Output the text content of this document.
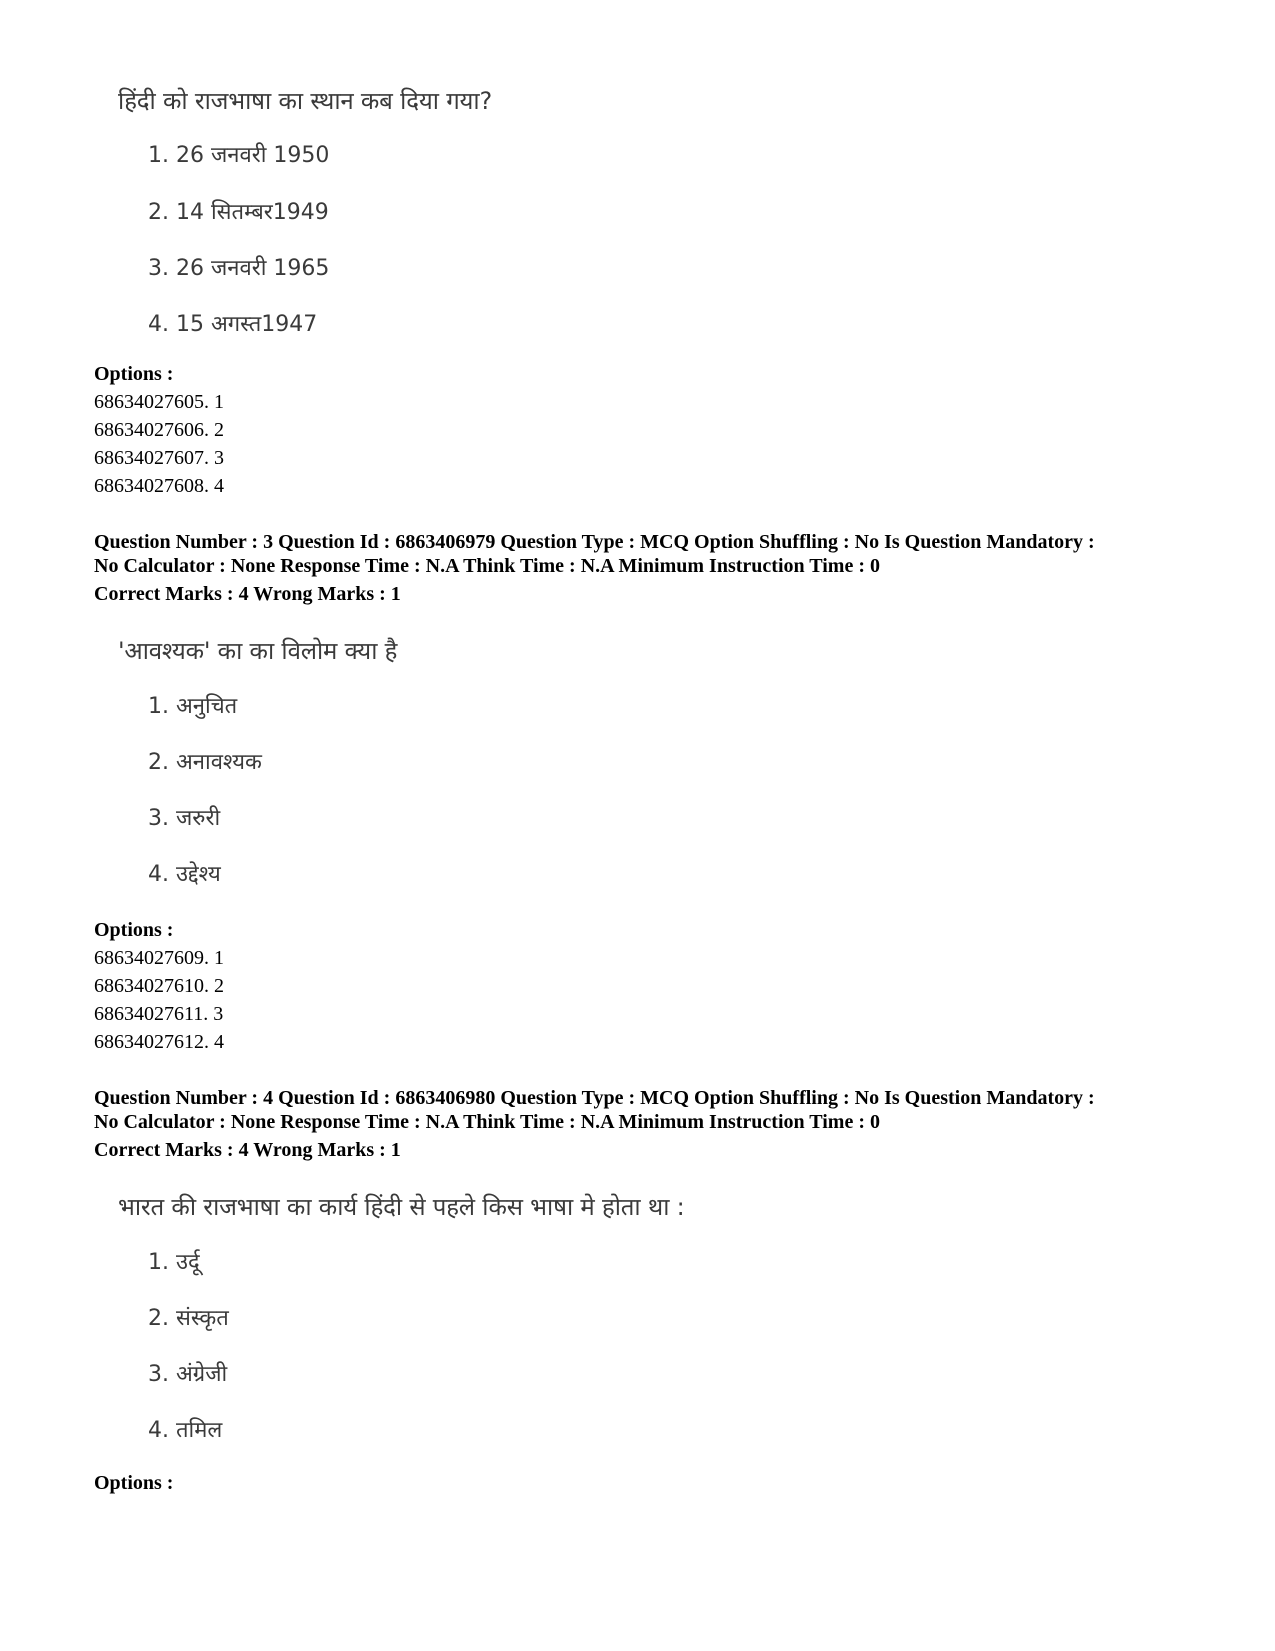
हिंदी को राजभाषा का स्थान कब दिया गया?
1. 26 जनवरी 1950
2. 14 सितम्बर1949
3. 26 जनवरी 1965
4. 15 अगस्त1947
Options :
68634027605. 1
68634027606. 2
68634027607. 3
68634027608. 4
Question Number : 3 Question Id : 6863406979 Question Type : MCQ Option Shuffling : No Is Question Mandatory :
No Calculator : None Response Time : N.A Think Time : N.A Minimum Instruction Time : 0
Correct Marks : 4 Wrong Marks : 1
'आवश्यक' का का विलोम क्या है
1. अनुचित
2. अनावश्यक
3. जरुरी
4. उद्देश्य
Options :
68634027609. 1
68634027610. 2
68634027611. 3
68634027612. 4
Question Number : 4 Question Id : 6863406980 Question Type : MCQ Option Shuffling : No Is Question Mandatory :
No Calculator : None Response Time : N.A Think Time : N.A Minimum Instruction Time : 0
Correct Marks : 4 Wrong Marks : 1
भारत की राजभाषा का कार्य हिंदी से पहले किस भाषा मे होता था :
1. उर्दू
2. संस्कृत
3. अंग्रेजी
4. तमिल
Options :
